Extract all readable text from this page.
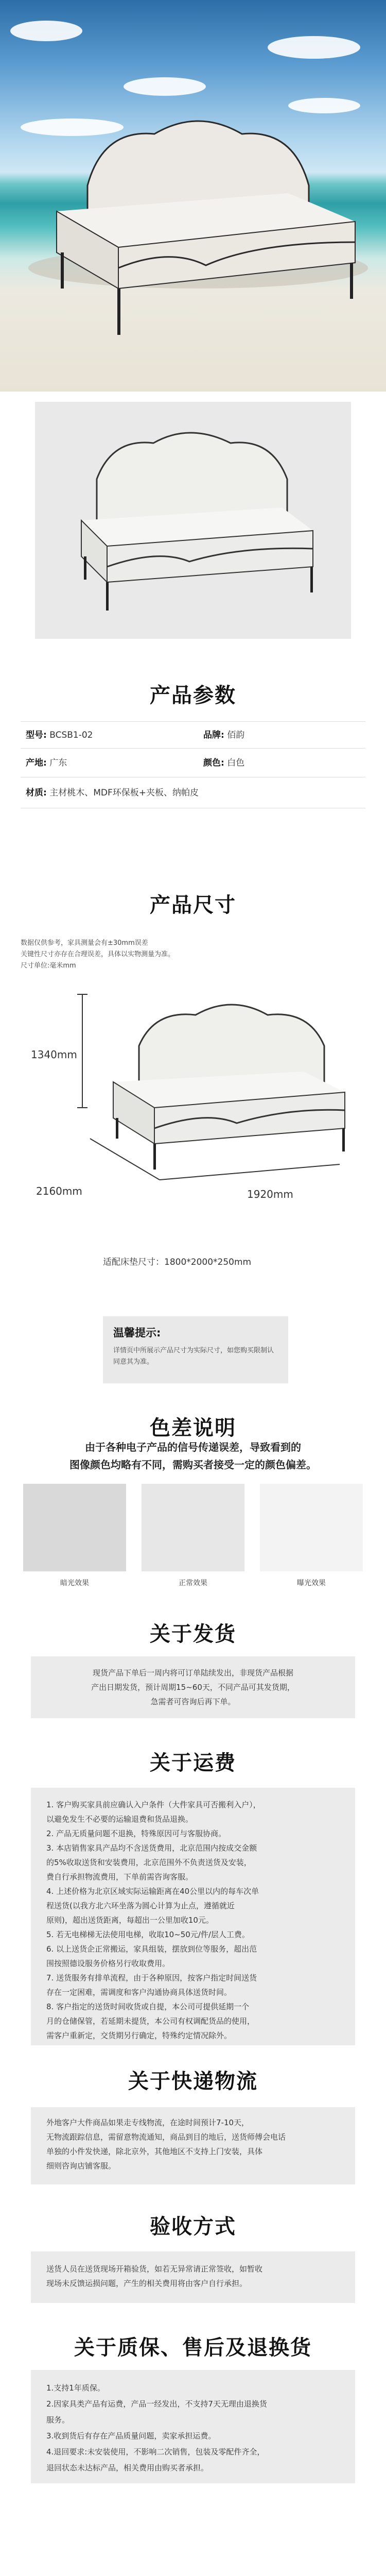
产品参数
型号: BCSB1-02	品牌: 佰韵
产地: 广东	颜色: 白色
材质: 主材桃木、MDF环保板+夹板、纳帕皮
产品尺寸
数据仅供参考，家具测量会有±30mm误差
关键性尺寸亦存在合理误差，具体以实物测量为准。
尺寸单位:毫米mm
1340mm
2160mm	1920mm
适配床垫尺寸：1800*2000*250mm
温馨提示:
详情页中所展示产品尺寸为实际尺寸，如您购买限制认同意其为准。
色差说明
由于各种电子产品的信号传递误差，导致看到的
图像颜色均略有不同，需购买者接受一定的颜色偏差。
暗光效果	正常效果	曝光效果
关于发货
现货产品下单后一周内将可订单陆续发出，非现货产品根据
产出日期发货，预计周期15~60天，不同产品可其发货期，
急需者可咨询后再下单。
关于运费
1. 客户购买家具前应确认入户条件（大件家具可否搬利入户），
以避免发生不必要的运输退费和货品退换。
2. 产品无质量问题不退换，特殊原因可与客服协商。
3. 本店销售家具产品均不含送货费用，北京范围内按成交金额
的5%收取送货和安装费用，北京范围外不负责送货及安装，
费自行承担物流费用，下单前需咨询客服。
4. 上述价格为北京区域实际运输距离在40公里以内的每车次单
程送货(以我方北六环坐落为圆心计算为止点，遵循就近
原则)，超出送货距离，每超出一公里加收10元。
5. 若无电梯梯无法使用电梯，收取10~50元/件/层人工费。
6. 以上送货企正常搬运，家具组装，摆放到位等服务，超出范
围按照德设服务价格另行收取费用。
7. 送货服务有排单流程，由于各种原因，按客户指定时间送货
存在一定困难，需调度和客户沟通协商具体送货时间。
8. 客户指定的送货时间收货或自提，本公司可提供延期一个
月的仓储保管，若延期未提货，本公司有权调配货品的使用，
需客户重新定，交货期另行确定，特殊约定情况除外。
关于快递物流
外地客户大件商品如果走专线物流，在途时间预计7-10天，
无物流跟踪信息，需留意物流通知，商品到目的地后，送货师傅会电话
单独的小件发快递，除北京外，其他地区不支持上门安装，具体
细则咨询店铺客服。
验收方式
送货人员在送货现场开箱验货，如若无异常请正常签收，如暂收
现场未反馈运损问题，产生的相关费用将由客户自行承担。
关于质保、售后及退换货
1.支持1年质保。
2.因家具类产品有运费，产品一经发出，不支持7天无理由退换货
服务。
3.收到货后有存在产品质量问题，卖家承担运费。
4.退回要求:未安装使用，不影响二次销售，包装及零配件齐全，
退回状态未达标产品，相关费用由购买者承担。
